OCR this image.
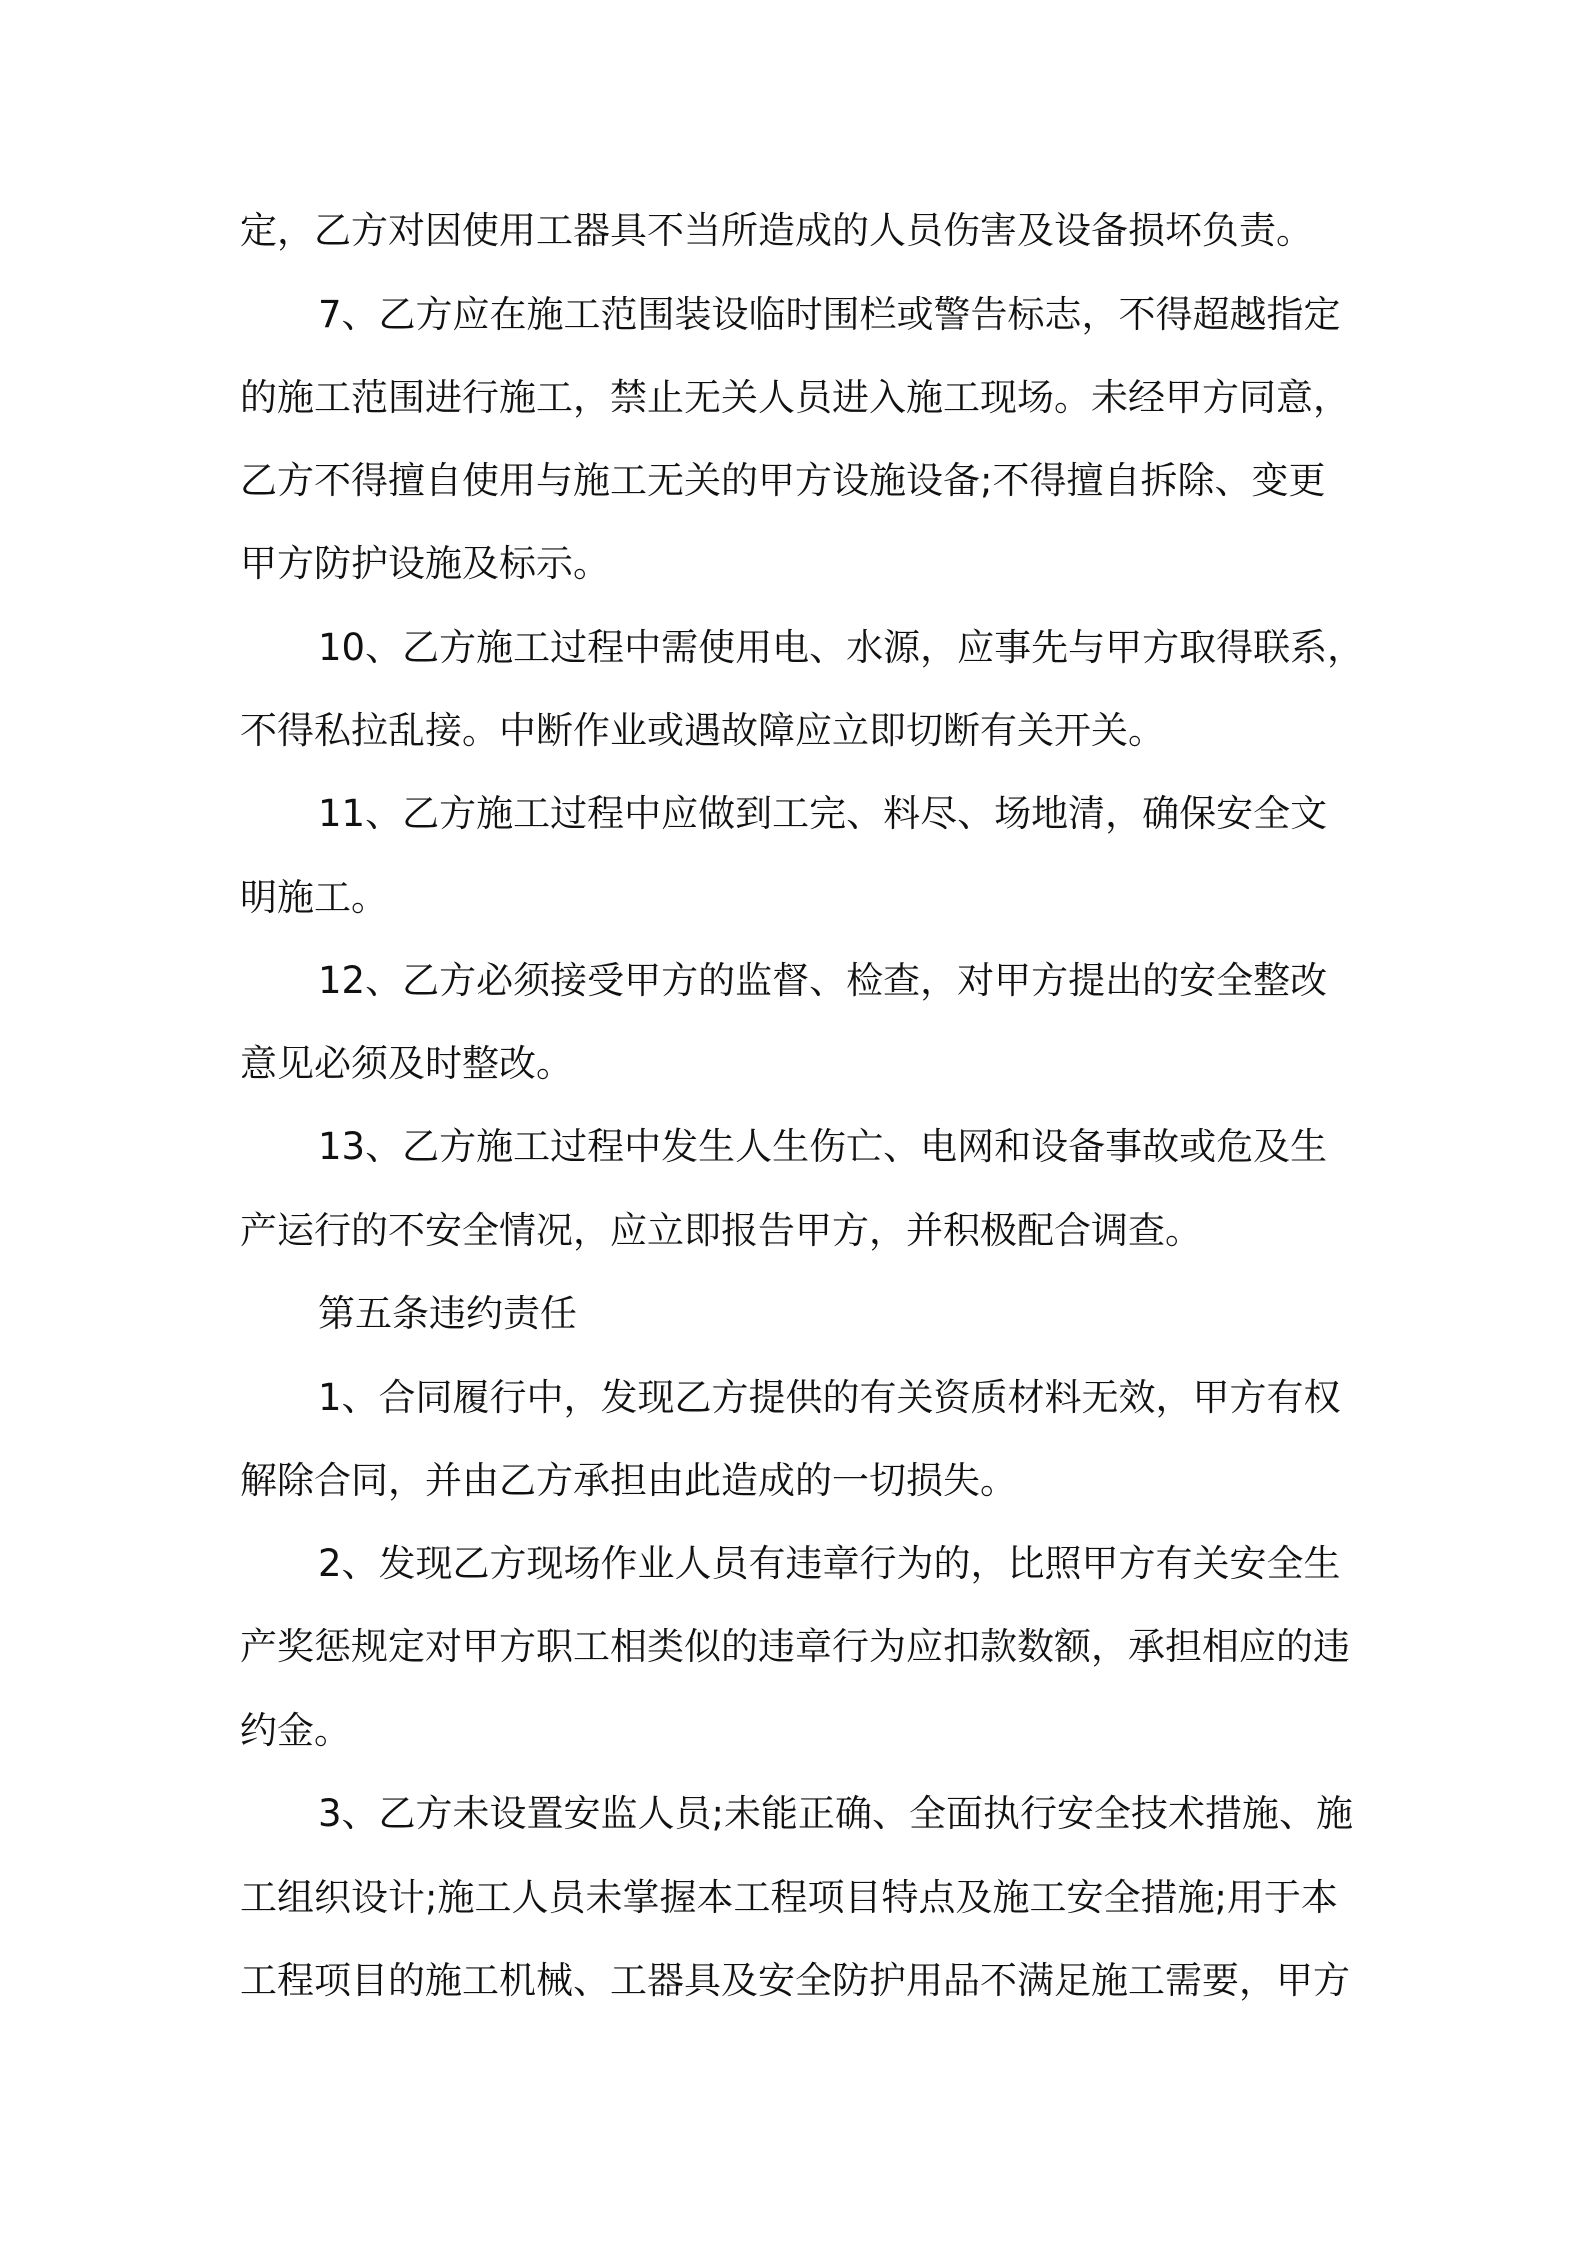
定，乙方对因使用工器具不当所造成的人员伤害及设备损坏负责。
7、乙方应在施工范围装设临时围栏或警告标志，不得超越指定
的施工范围进行施工，禁止无关人员进入施工现场。未经甲方同意，
乙方不得擅自使用与施工无关的甲方设施设备;不得擅自拆除、变更
甲方防护设施及标示。
10、乙方施工过程中需使用电、水源，应事先与甲方取得联系，
不得私拉乱接。中断作业或遇故障应立即切断有关开关。
11、乙方施工过程中应做到工完、料尽、场地清，确保安全文
明施工。
12、乙方必须接受甲方的监督、检查，对甲方提出的安全整改
意见必须及时整改。
13、乙方施工过程中发生人生伤亡、电网和设备事故或危及生
产运行的不安全情况，应立即报告甲方，并积极配合调查。
第五条违约责任
1、合同履行中，发现乙方提供的有关资质材料无效，甲方有权
解除合同，并由乙方承担由此造成的一切损失。
2、发现乙方现场作业人员有违章行为的，比照甲方有关安全生
产奖惩规定对甲方职工相类似的违章行为应扣款数额，承担相应的违
约金。
3、乙方未设置安监人员;未能正确、全面执行安全技术措施、施
工组织设计;施工人员未掌握本工程项目特点及施工安全措施;用于本
工程项目的施工机械、工器具及安全防护用品不满足施工需要，甲方
